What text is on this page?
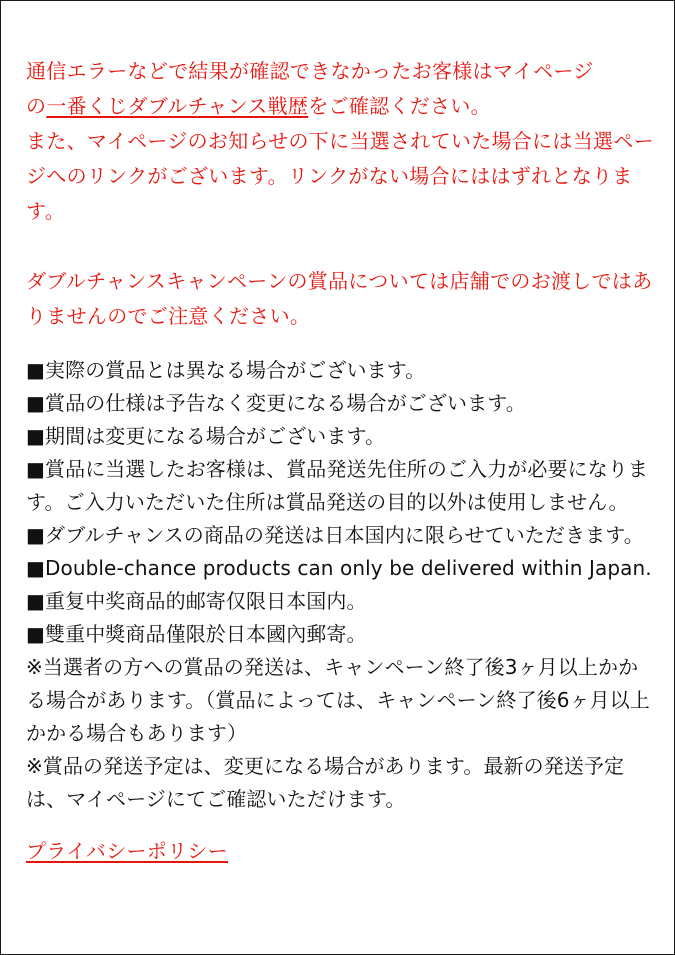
通信エラーなどで結果が確認できなかったお客様はマイページ
の一番くじダブルチャンス戦歴をご確認ください。
また、マイページのお知らせの下に当選されていた場合には当選ページへのリンクがございます。リンクがない場合にははずれとなります。

ダブルチャンスキャンペーンの賞品については店舗でのお渡しではありませんのでご注意ください。

■実際の賞品とは異なる場合がございます。
■賞品の仕様は予告なく変更になる場合がございます。
■期間は変更になる場合がございます。
■賞品に当選したお客様は、賞品発送先住所のご入力が必要になります。ご入力いただいた住所は賞品発送の目的以外は使用しません。
■ダブルチャンスの商品の発送は日本国内に限らせていただきます。
■Double-chance products can only be delivered within Japan.
■重复中奖商品的邮寄仅限日本国内。
■雙重中獎商品僅限於日本國內郵寄。
※当選者の方への賞品の発送は、キャンペーン終了後3ヶ月以上かかる場合があります。（賞品によっては、キャンペーン終了後6ヶ月以上かかる場合もあります）
※賞品の発送予定は、変更になる場合があります。最新の発送予定は、マイページにてご確認いただけます。

プライバシーポリシー
